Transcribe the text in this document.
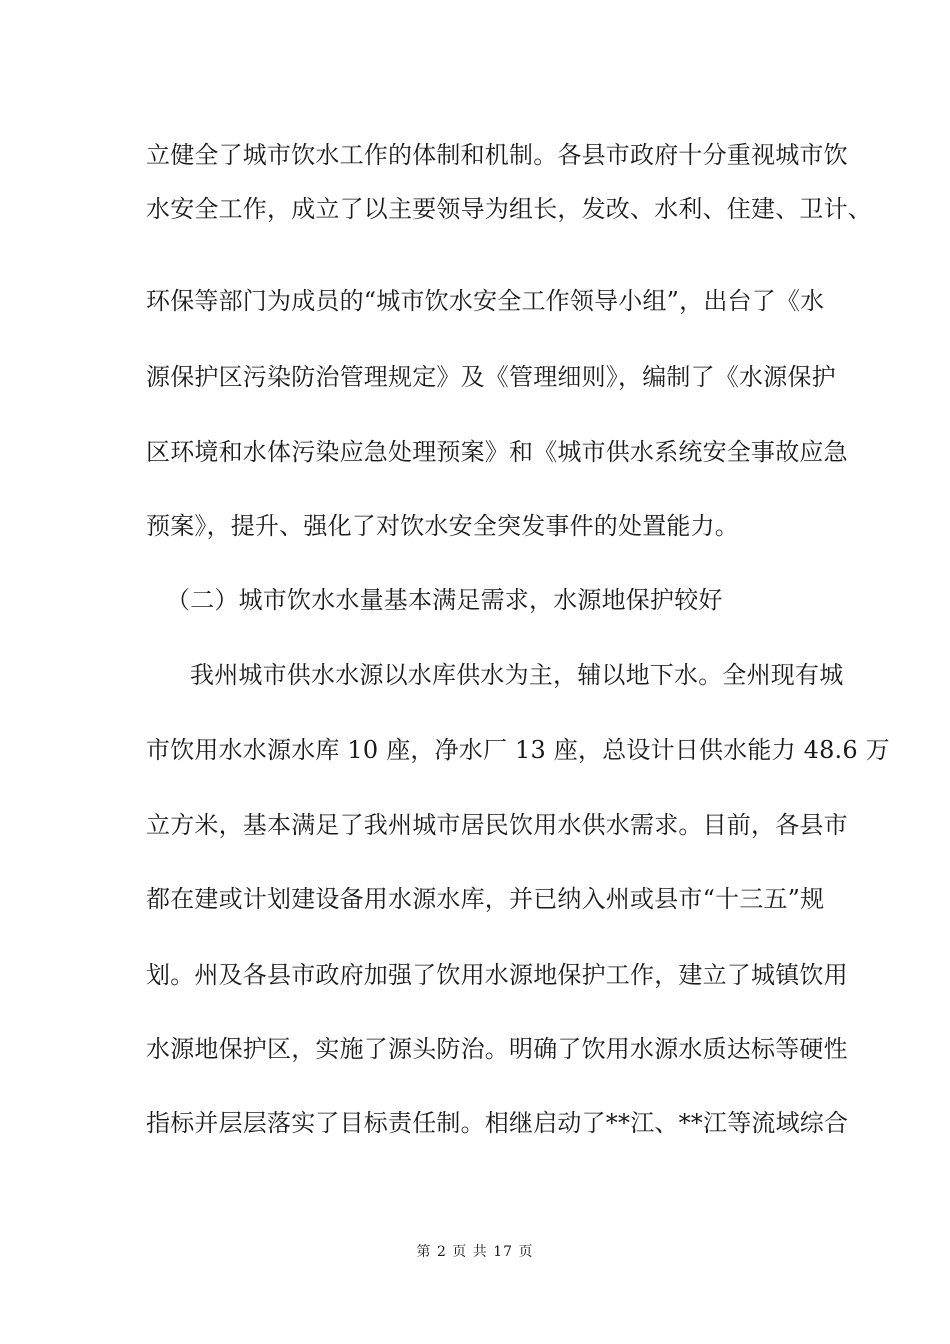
立健全了城市饮水工作的体制和机制。各县市政府十分重视城市饮
水安全工作，成立了以主要领导为组长，发改、水利、住建、卫计、
环保等部门为成员的“城市饮水安全工作领导小组”，出台了《水
源保护区污染防治管理规定》及《管理细则》，编制了《水源保护
区环境和水体污染应急处理预案》和《城市供水系统安全事故应急
预案》，提升、强化了对饮水安全突发事件的处置能力。
（二）城市饮水水量基本满足需求，水源地保护较好
我州城市供水水源以水库供水为主，辅以地下水。全州现有城
市饮用水水源水库 10 座，净水厂 13 座，总设计日供水能力 48.6 万
立方米，基本满足了我州城市居民饮用水供水需求。目前，各县市
都在建或计划建设备用水源水库，并已纳入州或县市“十三五”规
划。州及各县市政府加强了饮用水源地保护工作，建立了城镇饮用
水源地保护区，实施了源头防治。明确了饮用水源水质达标等硬性
指标并层层落实了目标责任制。相继启动了**江、**江等流域综合
第 2 页 共 17 页
